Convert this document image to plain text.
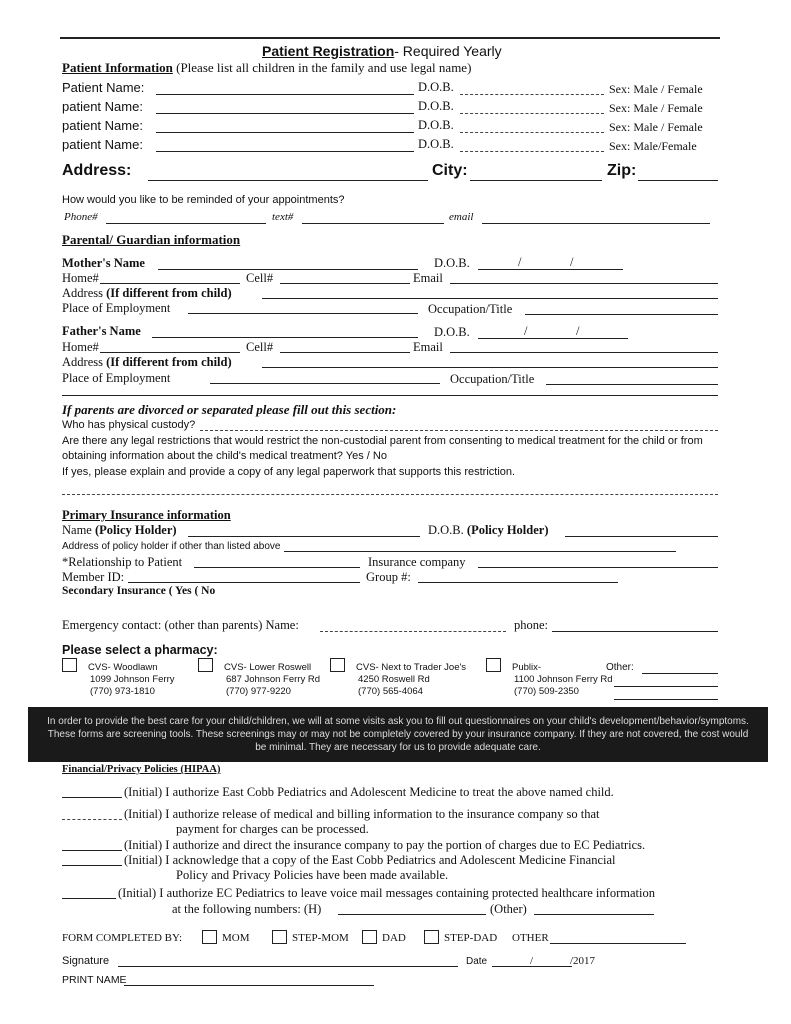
Patient Registration- Required Yearly
Patient Information (Please list all children in the family and use legal name)
Patient Name:	D.O.B.	Sex: Male / Female
patient Name:	D.O.B.	Sex: Male / Female
patient Name:	D.O.B.	Sex: Male / Female
patient Name:	D.O.B.	Sex: Male/Female
Address:	City:	Zip:
How would you like to be reminded of your appointments?
Phone#	text#	email
Parental/ Guardian information
Mother's Name	D.O.B.	/	/
Home#	Cell#	Email
Address (If different from child)
Place of Employment	Occupation/Title
Father's Name	D.O.B.	/	/
Home#	Cell#	Email
Address (If different from child)
Place of Employment	Occupation/Title
If parents are divorced or separated please fill out this section:
Who has physical custody?
Are there any legal restrictions that would restrict the non-custodial parent from consenting to medical treatment for the child or from
obtaining information about the child's medical treatment? Yes / No
If yes, please explain and provide a copy of any legal paperwork that supports this restriction.
Primary Insurance information
Name (Policy Holder)	D.O.B. (Policy Holder)
Address of policy holder if other than listed above
*Relationship to Patient	Insurance company
Member ID:	Group #:
Secondary Insurance ( Yes ( No
Emergency contact: (other than parents) Name:	phone:
Please select a pharmacy:
CVS- Woodlawn
1099 Johnson Ferry
(770) 973-1810
CVS- Lower Roswell
687 Johnson Ferry Rd
(770) 977-9220
CVS- Next to Trader Joe's
4250 Roswell Rd
(770) 565-4064
Publix-
1100 Johnson Ferry Rd
(770) 509-2350
Other:
In order to provide the best care for your child/children, we will at some visits ask you to fill out questionnaires on your child's development/behavior/symptoms. These forms are screening tools. These screenings may or may not be completely covered by your insurance company. If they are not covered, the cost would be minimal. They are necessary for us to provide adequate care.
Financial/Privacy Policies (HIPAA)
(Initial) I authorize East Cobb Pediatrics and Adolescent Medicine to treat the above named child.
(Initial) I authorize release of medical and billing information to the insurance company so that
payment for charges can be processed.
(Initial) I authorize and direct the insurance company to pay the portion of charges due to EC Pediatrics.
(Initial) I acknowledge that a copy of the East Cobb Pediatrics and Adolescent Medicine Financial
Policy and Privacy Policies have been made available.
(Initial) I authorize EC Pediatrics to leave voice mail messages containing protected healthcare information
at the following numbers: (H)	(Other)
FORM COMPLETED BY:	MOM	STEP-MOM	DAD	STEP-DAD OTHER
Signature	Date	/	/2017
PRINT NAME
